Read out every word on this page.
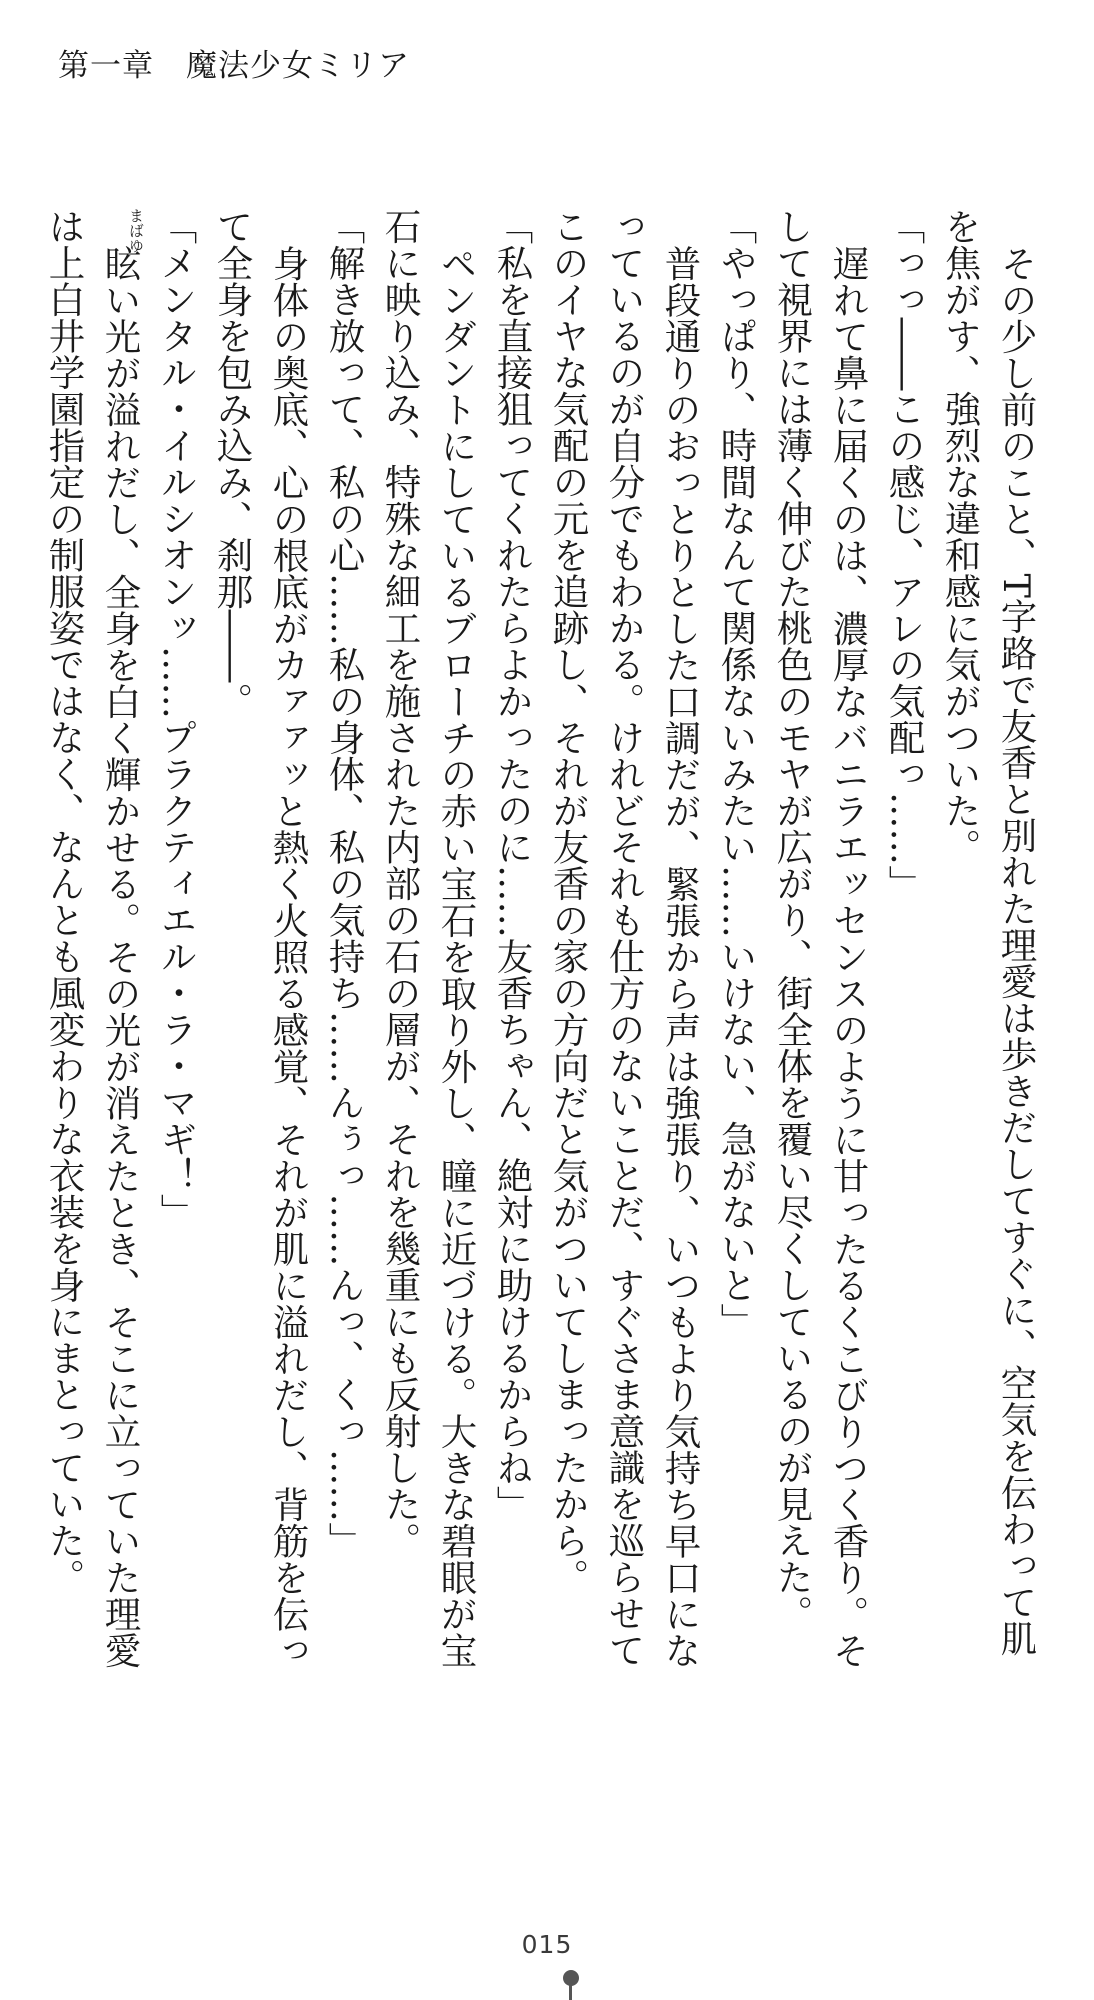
第一章　魔法少女ミリア
その少し前のこと、T字路で友香と別れた理愛は歩きだしてすぐに、空気を伝わって肌
を焦がす、強烈な違和感に気がついた。
「っっ――この感じ、アレの気配っ……」
遅れて鼻に届くのは、濃厚なバニラエッセンスのように甘ったるくこびりつく香り。そ
して視界には薄く伸びた桃色のモヤが広がり、街全体を覆い尽くしているのが見えた。
「やっぱり、時間なんて関係ないみたい……いけない、急がないと」
普段通りのおっとりとした口調だが、緊張から声は強張り、いつもより気持ち早口にな
っているのが自分でもわかる。けれどそれも仕方のないことだ、すぐさま意識を巡らせて
このイヤな気配の元を追跡し、それが友香の家の方向だと気がついてしまったから。
「私を直接狙ってくれたらよかったのに……友香ちゃん、絶対に助けるからね」
ペンダントにしているブローチの赤い宝石を取り外し、瞳に近づける。大きな碧眼が宝
石に映り込み、特殊な細工を施された内部の石の層が、それを幾重にも反射した。
「解き放って、私の心……私の身体、私の気持ち……んぅっ……んっ、くっ……」
身体の奥底、心の根底がカァァッと熱く火照る感覚、それが肌に溢れだし、背筋を伝っ
て全身を包み込み、刹那――。
「メンタル・イルシオンッ……プラクティエル・ラ・マギ！」
まばゆ
眩い光が溢れだし、全身を白く輝かせる。その光が消えたとき、そこに立っていた理愛
は上白井学園指定の制服姿ではなく、なんとも風変わりな衣装を身にまとっていた。
015
